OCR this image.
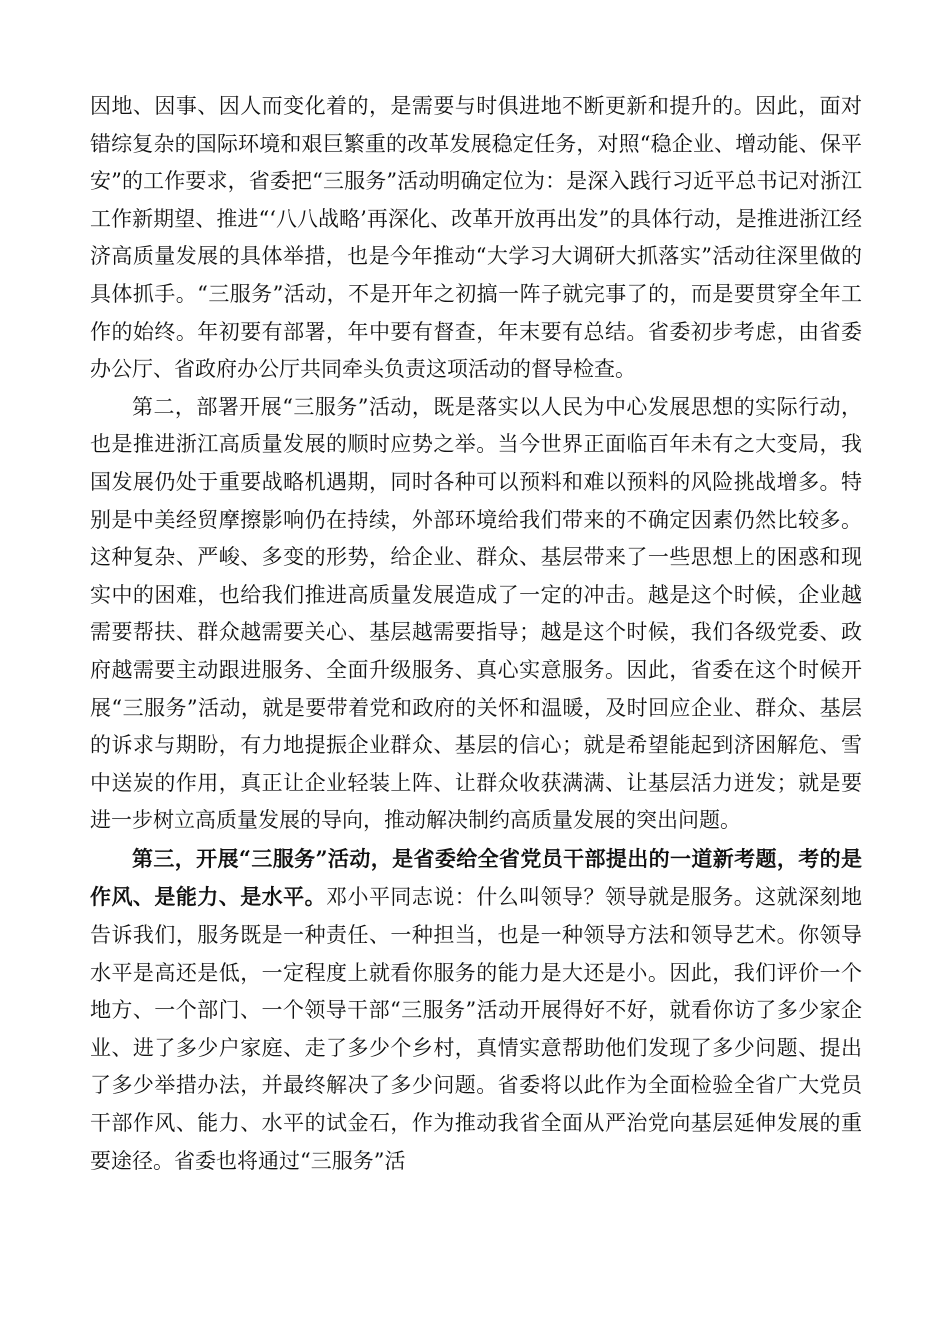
因地、因事、因人而变化着的，是需要与时俱进地不断更新和提升的。因此，面对错综复杂的国际环境和艰巨繁重的改革发展稳定任务，对照“稳企业、增动能、保平安”的工作要求，省委把“三服务”活动明确定位为：是深入践行习近平总书记对浙江工作新期望、推进“‘八八战略’再深化、改革开放再出发”的具体行动，是推进浙江经济高质量发展的具体举措，也是今年推动“大学习大调研大抓落实”活动往深里做的具体抓手。“三服务”活动，不是开年之初搞一阵子就完事了的，而是要贯穿全年工作的始终。年初要有部署，年中要有督查，年末要有总结。省委初步考虑，由省委办公厅、省政府办公厅共同牵头负责这项活动的督导检查。

第二，部署开展“三服务”活动，既是落实以人民为中心发展思想的实际行动，也是推进浙江高质量发展的顺时应势之举。当今世界正面临百年未有之大变局，我国发展仍处于重要战略机遇期，同时各种可以预料和难以预料的风险挑战增多。特别是中美经贸摩擦影响仍在持续，外部环境给我们带来的不确定因素仍然比较多。这种复杂、严峻、多变的形势，给企业、群众、基层带来了一些思想上的困惑和现实中的困难，也给我们推进高质量发展造成了一定的冲击。越是这个时候，企业越需要帮扶、群众越需要关心、基层越需要指导；越是这个时候，我们各级党委、政府越需要主动跟进服务、全面升级服务、真心实意服务。因此，省委在这个时候开展“三服务”活动，就是要带着党和政府的关怀和温暖，及时回应企业、群众、基层的诉求与期盼，有力地提振企业群众、基层的信心；就是希望能起到济困解危、雪中送炭的作用，真正让企业轻装上阵、让群众收获满满、让基层活力迸发；就是要进一步树立高质量发展的导向，推动解决制约高质量发展的突出问题。

第三，开展“三服务”活动，是省委给全省党员干部提出的一道新考题，考的是作风、是能力、是水平。邓小平同志说：什么叫领导？领导就是服务。这就深刻地告诉我们，服务既是一种责任、一种担当，也是一种领导方法和领导艺术。你领导水平是高还是低，一定程度上就看你服务的能力是大还是小。因此，我们评价一个地方、一个部门、一个领导干部“三服务”活动开展得好不好，就看你访了多少家企业、进了多少户家庭、走了多少个乡村，真情实意帮助他们发现了多少问题、提出了多少举措办法，并最终解决了多少问题。省委将以此作为全面检验全省广大党员干部作风、能力、水平的试金石，作为推动我省全面从严治党向基层延伸发展的重要途径。省委也将通过“三服务”活
